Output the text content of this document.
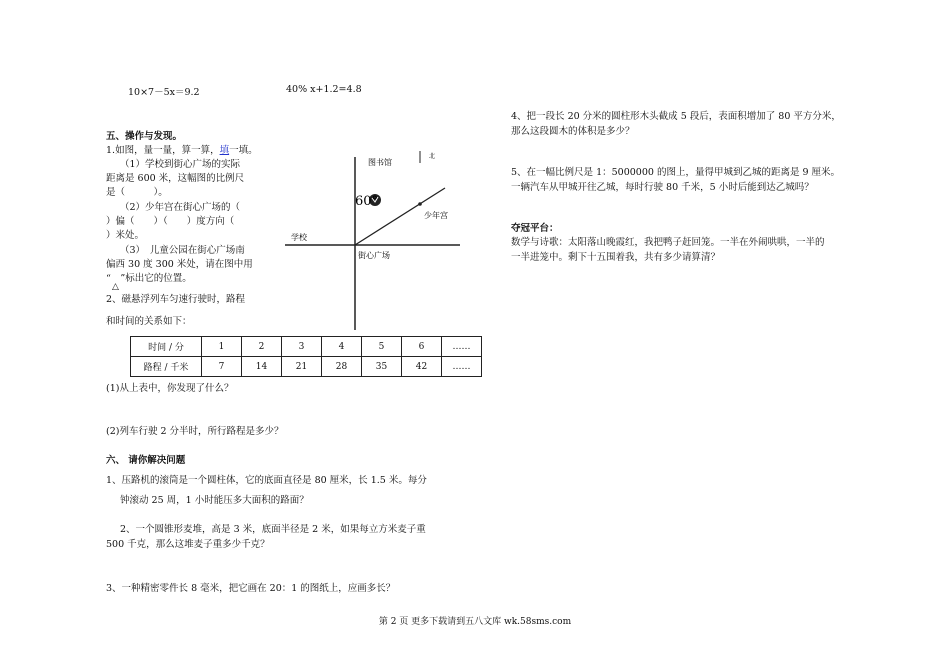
10×7－5x＝9.2	40% x+1.2=4.8
五、操作与发现。
1.如图，量一量，算一算，填一填。
（1）学校到街心广场的实际
距离是 600 米，这幅图的比例尺
是（　　　）。
（2）少年宫在街心广场的（
）偏（　　）（　　）度方向（
）米处。
（3）　儿童公园在街心广场南
偏西 30 度 300 米处，请在图中用
“　”标出它的位置。
△
2、磁悬浮列车匀速行驶时，路程
和时间的关系如下：
图书馆
北
60°
少年宫
学校
街心广场
时间 / 分	1	2	3	4	5	6	……
路程 / 千米	7	14	21	28	35	42	……
(1)从上表中，你发现了什么？
(2)列车行驶 2 分半时，所行路程是多少？
六、 请你解决问题
1、压路机的滚筒是一个圆柱体，它的底面直径是 80 厘米，长 1.5 米。每分
钟滚动 25 周，1 小时能压多大面积的路面？
2、一个圆锥形麦堆，高是 3 米，底面半径是 2 米，如果每立方米麦子重
500 千克，那么这堆麦子重多少千克？
3、一种精密零件长 8 毫米，把它画在 20：1 的图纸上，应画多长？
4、把一段长 20 分米的圆柱形木头截成 5 段后，表面积增加了 80 平方分米，
那么这段圆木的体积是多少？
5、在一幅比例尺是 1：5000000 的图上，量得甲城到乙城的距离是 9 厘米。
一辆汽车从甲城开往乙城，每时行驶 80 千米，5 小时后能到达乙城吗？
夺冠平台：
数学与诗歌：太阳落山晚霞红，我把鸭子赶回笼。一半在外闹哄哄，一半的
一半进笼中。剩下十五围着我，共有多少请算清？
第 2 页 更多下载请到五八文库 wk.58sms.com
